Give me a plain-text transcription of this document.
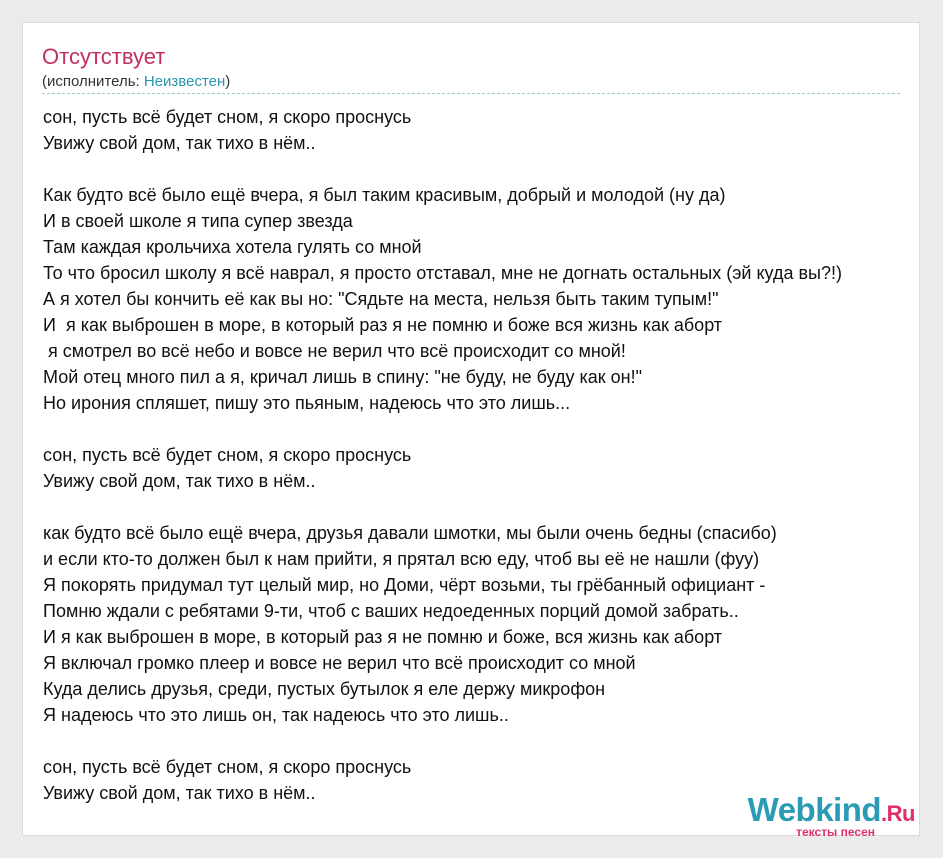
Отсутствует
(исполнитель: Неизвестен)
сон, пусть всё будет сном, я скоро проснусь
Увижу свой дом, так тихо в нём..
Как будто всё было ещё вчера, я был таким красивым, добрый и молодой (ну да)
И в своей школе я типа супер звезда
Там каждая крольчиха хотела гулять со мной
То что бросил школу я всё наврал, я просто отставал, мне не догнать остальных (эй куда вы?!)
А я хотел бы кончить её как вы но: "Сядьте на места, нельзя быть таким тупым!"
И  я как выброшен в море, в который раз я не помню и боже вся жизнь как аборт
я смотрел во всё небо и вовсе не верил что всё происходит со мной!
Мой отец много пил а я, кричал лишь в спину: "не буду, не буду как он!"
Но ирония спляшет, пишу это пьяным, надеюсь что это лишь...
сон, пусть всё будет сном, я скоро проснусь
Увижу свой дом, так тихо в нём..
как будто всё было ещё вчера, друзья давали шмотки, мы были очень бедны (спасибо)
и если кто-то должен был к нам прийти, я прятал всю еду, чтоб вы её не нашли (фуу)
Я покорять придумал тут целый мир, но Доми, чёрт возьми, ты грёбанный официант -
Помню ждали с ребятами 9-ти, чтоб с ваших недоеденных порций домой забрать..
И я как выброшен в море, в который раз я не помню и боже, вся жизнь как аборт
Я включал громко плеер и вовсе не верил что всё происходит со мной
Куда делись друзья, среди, пустых бутылок я еле держу микрофон
Я надеюсь что это лишь он, так надеюсь что это лишь..
сон, пусть всё будет сном, я скоро проснусь
Увижу свой дом, так тихо в нём..	Webkind.Ru
тексты песен
